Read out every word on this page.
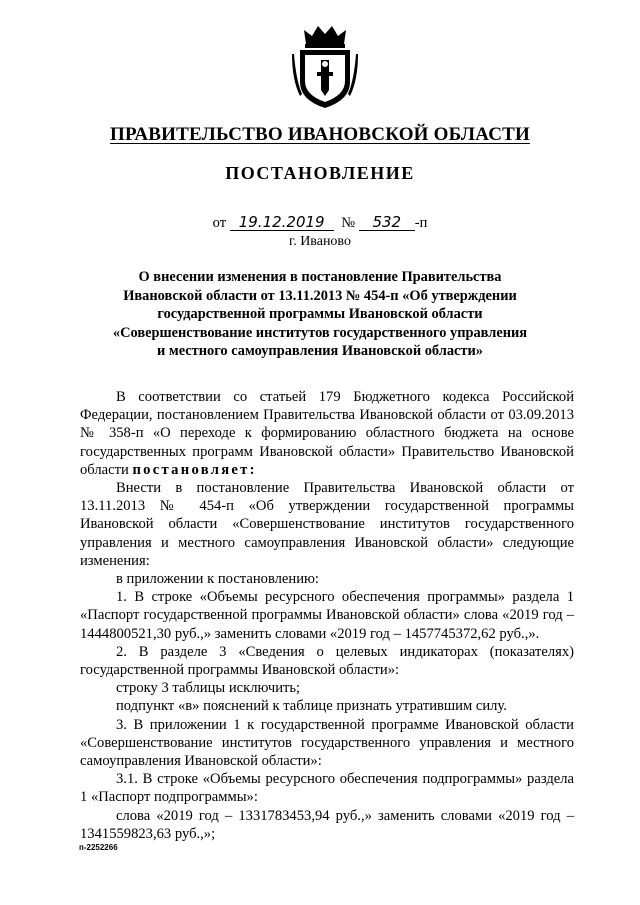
ПРАВИТЕЛЬСТВО ИВАНОВСКОЙ ОБЛАСТИ
ПОСТАНОВЛЕНИЕ
от 19.12.2019 № 532 -п
г. Иваново
О внесении изменения в постановление Правительства
Ивановской области от 13.11.2013 № 454-п «Об утверждении
государственной программы Ивановской области
«Совершенствование институтов государственного управления
и местного самоуправления Ивановской области»

В соответствии со статьей 179 Бюджетного кодекса Российской Федерации, постановлением Правительства Ивановской области от 03.09.2013 № 358-п «О переходе к формированию областного бюджета на основе государственных программ Ивановской области» Правительство Ивановской области постановляет:

Внести в постановление Правительства Ивановской области от 13.11.2013 № 454-п «Об утверждении государственной программы Ивановской области «Совершенствование институтов государственного управления и местного самоуправления Ивановской области» следующие изменения:

в приложении к постановлению:

1. В строке «Объемы ресурсного обеспечения программы» раздела 1 «Паспорт государственной программы Ивановской области» слова «2019 год – 1444800521,30 руб.,» заменить словами «2019 год – 1457745372,62 руб.,».

2. В разделе 3 «Сведения о целевых индикаторах (показателях) государственной программы Ивановской области»:

строку 3 таблицы исключить;

подпункт «в» пояснений к таблице признать утратившим силу.

3. В приложении 1 к государственной программе Ивановской области «Совершенствование институтов государственного управления и местного самоуправления Ивановской области»:

3.1. В строке «Объемы ресурсного обеспечения подпрограммы» раздела 1 «Паспорт подпрограммы»:

слова «2019 год – 1331783453,94 руб.,» заменить словами «2019 год – 1341559823,63 руб.,»;

п-2252266
